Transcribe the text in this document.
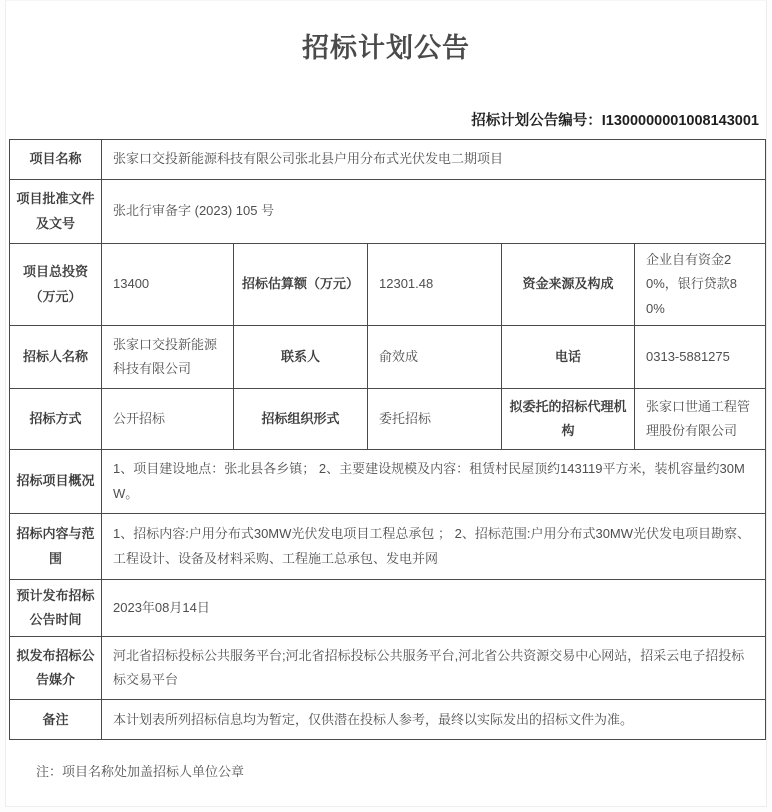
招标计划公告
招标计划公告编号：I1300000001008143001
项目名称	张家口交投新能源科技有限公司张北县户用分布式光伏发电二期项目				
项目批准文件及文号	张北行审备字 (2023) 105 号				
项目总投资（万元）	13400	招标估算额（万元）	12301.48	资金来源及构成	企业自有资金20%，银行贷款80%
招标人名称	张家口交投新能源科技有限公司	联系人	俞效成	电话	0313-5881275
招标方式	公开招标	招标组织形式	委托招标	拟委托的招标代理机构	张家口世通工程管理股份有限公司
招标项目概况	1、项目建设地点：张北县各乡镇； 2、主要建设规模及内容：租赁村民屋顶约143119平方米，装机容量约30MW。				
招标内容与范围	1、招标内容:户用分布式30MW光伏发电项目工程总承包 ； 2、招标范围:户用分布式30MW光伏发电项目勘察、工程设计、设备及材料采购、工程施工总承包、发电并网				
预计发布招标公告时间	2023年08月14日				
拟发布招标公告媒介	河北省招标投标公共服务平台;河北省招标投标公共服务平台,河北省公共资源交易中心网站，招采云电子招投标标交易平台				
备注	本计划表所列招标信息均为暂定，仅供潜在投标人参考，最终以实际发出的招标文件为准。				
注：项目名称处加盖招标人单位公章
